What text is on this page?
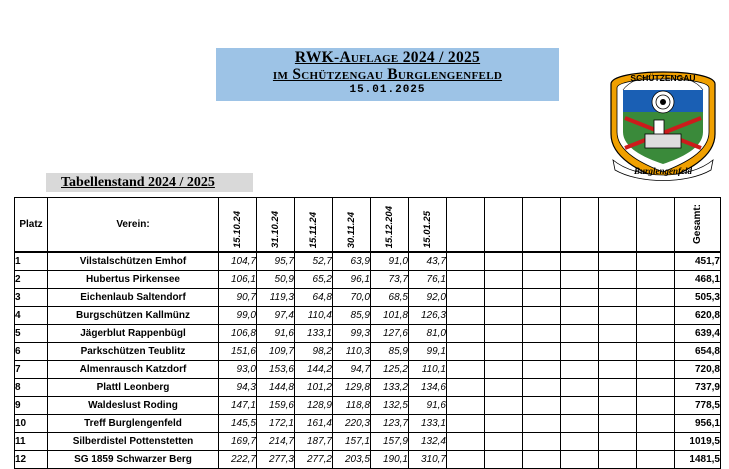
RWK-Auflage 2024 / 2025
im Schützengau Burglengenfeld
15.01.2025
SCHÜTZENGAU
Burglengenfeld
Tabellenstand 2024 / 2025
Platz	Verein:	15.10.24	31.10.24	15.11.24	30.11.24	15.12.204	15.01.25							Gesamt:

1	Vilstalschützen Emhof	104,7	95,7	52,7	63,9	91,0	43,7							451,7
2	Hubertus Pirkensee	106,1	50,9	65,2	96,1	73,7	76,1							468,1
3	Eichenlaub Saltendorf	90,7	119,3	64,8	70,0	68,5	92,0							505,3
4	Burgschützen Kallmünz	99,0	97,4	110,4	85,9	101,8	126,3							620,8
5	Jägerblut Rappenbügl	106,8	91,6	133,1	99,3	127,6	81,0							639,4
6	Parkschützen Teublitz	151,6	109,7	98,2	110,3	85,9	99,1							654,8
7	Almenrausch Katzdorf	93,0	153,6	144,2	94,7	125,2	110,1							720,8
8	Plattl Leonberg	94,3	144,8	101,2	129,8	133,2	134,6							737,9
9	Waldeslust Roding	147,1	159,6	128,9	118,8	132,5	91,6							778,5
10	Treff Burglengenfeld	145,5	172,1	161,4	220,3	123,7	133,1							956,1
11	Silberdistel Pottenstetten	169,7	214,7	187,7	157,1	157,9	132,4							1019,5
12	SG 1859 Schwarzer Berg	222,7	277,3	277,2	203,5	190,1	310,7							1481,5
